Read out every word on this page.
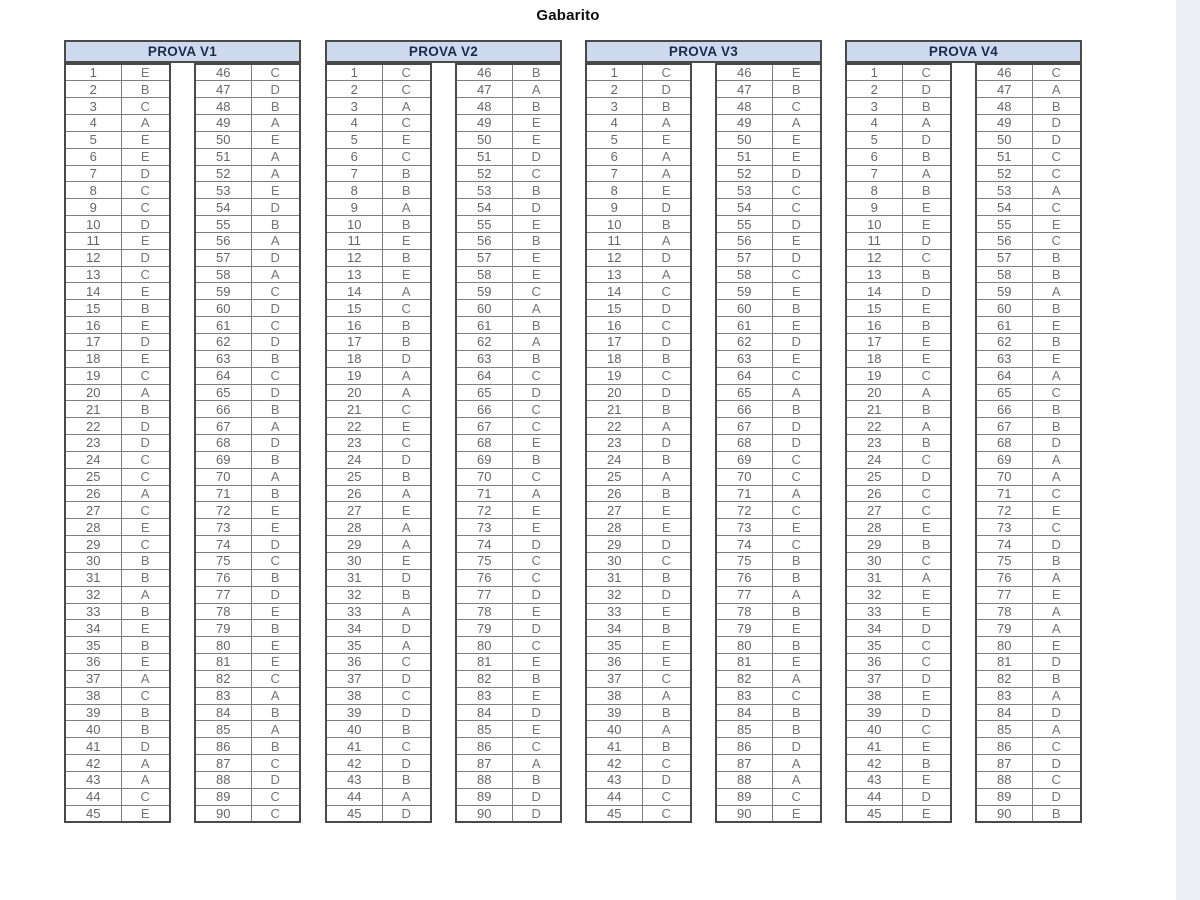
Gabarito
PROVA V1
1	E
2	B
3	C
4	A
5	E
6	E
7	D
8	C
9	C
10	D
11	E
12	D
13	C
14	E
15	B
16	E
17	D
18	E
19	C
20	A
21	B
22	D
23	D
24	C
25	C
26	A
27	C
28	E
29	C
30	B
31	B
32	A
33	B
34	E
35	B
36	E
37	A
38	C
39	B
40	B
41	D
42	A
43	A
44	C
45	E
46	C
47	D
48	B
49	A
50	E
51	A
52	A
53	E
54	D
55	B
56	A
57	D
58	A
59	C
60	D
61	C
62	D
63	B
64	C
65	D
66	B
67	A
68	D
69	B
70	A
71	B
72	E
73	E
74	D
75	C
76	B
77	D
78	E
79	B
80	E
81	E
82	C
83	A
84	B
85	A
86	B
87	C
88	D
89	C
90	C
PROVA V2
1	C
2	C
3	A
4	C
5	E
6	C
7	B
8	B
9	A
10	B
11	E
12	B
13	E
14	A
15	C
16	B
17	B
18	D
19	A
20	A
21	C
22	E
23	C
24	D
25	B
26	A
27	E
28	A
29	A
30	E
31	D
32	B
33	A
34	D
35	A
36	C
37	D
38	C
39	D
40	B
41	C
42	D
43	B
44	A
45	D
46	B
47	A
48	B
49	E
50	E
51	D
52	C
53	B
54	D
55	E
56	B
57	E
58	E
59	C
60	A
61	B
62	A
63	B
64	C
65	D
66	C
67	C
68	E
69	B
70	C
71	A
72	E
73	E
74	D
75	C
76	C
77	D
78	E
79	D
80	C
81	E
82	B
83	E
84	D
85	E
86	C
87	A
88	B
89	D
90	D
PROVA V3
1	C
2	D
3	B
4	A
5	E
6	A
7	A
8	E
9	D
10	B
11	A
12	D
13	A
14	C
15	D
16	C
17	D
18	B
19	C
20	D
21	B
22	A
23	D
24	B
25	A
26	B
27	E
28	E
29	D
30	C
31	B
32	D
33	E
34	B
35	E
36	E
37	C
38	A
39	B
40	A
41	B
42	C
43	D
44	C
45	C
46	E
47	B
48	C
49	A
50	E
51	E
52	D
53	C
54	C
55	D
56	E
57	D
58	C
59	E
60	B
61	E
62	D
63	E
64	C
65	A
66	B
67	D
68	D
69	C
70	C
71	A
72	C
73	E
74	C
75	B
76	B
77	A
78	B
79	E
80	B
81	E
82	A
83	C
84	B
85	B
86	D
87	A
88	A
89	C
90	E
PROVA V4
1	C
2	D
3	B
4	A
5	D
6	B
7	A
8	B
9	E
10	E
11	D
12	C
13	B
14	D
15	E
16	B
17	E
18	E
19	C
20	A
21	B
22	A
23	B
24	C
25	D
26	C
27	C
28	E
29	B
30	C
31	A
32	E
33	E
34	D
35	C
36	C
37	D
38	E
39	D
40	C
41	E
42	B
43	E
44	D
45	E
46	C
47	A
48	B
49	D
50	D
51	C
52	C
53	A
54	C
55	E
56	C
57	B
58	B
59	A
60	B
61	E
62	B
63	E
64	A
65	C
66	B
67	B
68	D
69	A
70	A
71	C
72	E
73	C
74	D
75	B
76	A
77	E
78	A
79	A
80	E
81	D
82	B
83	A
84	D
85	A
86	C
87	D
88	C
89	D
90	B
